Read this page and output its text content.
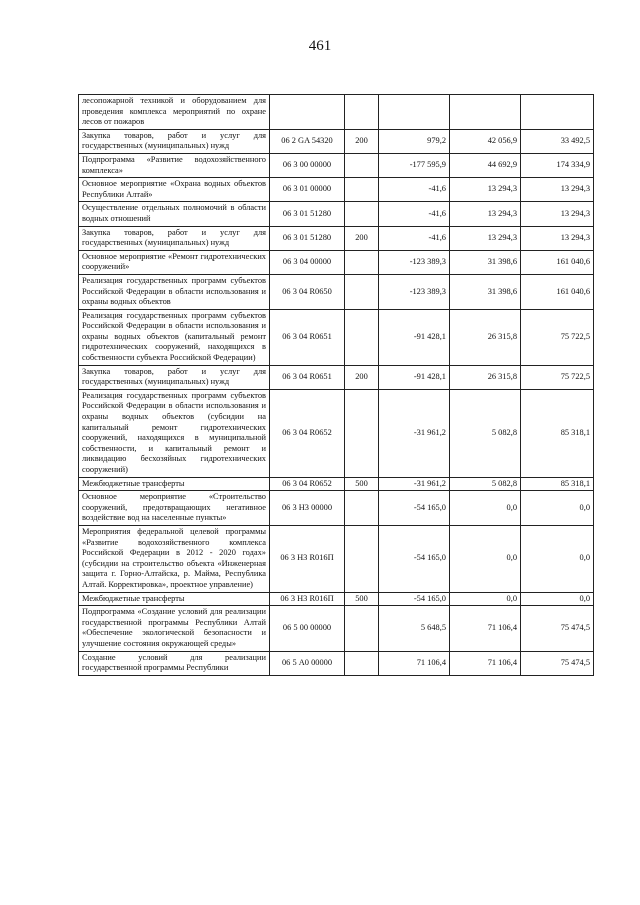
461
лесопожарной техникой и оборудованием для проведения комплекса мероприятий по охране лесов от пожаров					
Закупка товаров, работ и услуг для государственных (муниципальных) нужд	06 2 GA 54320	200	979,2	42 056,9	33 492,5
Подпрограмма «Развитие водохозяйственного комплекса»	06 3 00 00000		-177 595,9	44 692,9	174 334,9
Основное мероприятие «Охрана водных объектов Республики Алтай»	06 3 01 00000		-41,6	13 294,3	13 294,3
Осуществление отдельных полномочий в области водных отношений	06 3 01 51280		-41,6	13 294,3	13 294,3
Закупка товаров, работ и услуг для государственных (муниципальных) нужд	06 3 01 51280	200	-41,6	13 294,3	13 294,3
Основное мероприятие «Ремонт гидротехнических сооружений»	06 3 04 00000		-123 389,3	31 398,6	161 040,6
Реализация государственных программ субъектов Российской Федерации в области использования и охраны водных объектов	06 3 04 R0650		-123 389,3	31 398,6	161 040,6
Реализация государственных программ субъектов Российской Федерации в области использования и охраны водных объектов (капитальный ремонт гидротехнических сооружений, находящихся в собственности субъекта Российской Федерации)	06 3 04 R0651		-91 428,1	26 315,8	75 722,5
Закупка товаров, работ и услуг для государственных (муниципальных) нужд	06 3 04 R0651	200	-91 428,1	26 315,8	75 722,5
Реализация государственных программ субъектов Российской Федерации в области использования и охраны водных объектов (субсидии на капитальный ремонт гидротехнических сооружений, находящихся в муниципальной собственности, и капитальный ремонт и ликвидацию бесхозяйных гидротехнических сооружений)	06 3 04 R0652		-31 961,2	5 082,8	85 318,1
Межбюджетные трансферты	06 3 04 R0652	500	-31 961,2	5 082,8	85 318,1
Основное мероприятие «Строительство сооружений, предотвращающих негативное воздействие вод на населенные пункты»	06 3 Н3 00000		-54 165,0	0,0	0,0
Мероприятия федеральной целевой программы «Развитие водохозяйственного комплекса Российской Федерации в 2012 - 2020 годах» (субсидии на строительство объекта «Инженерная защита г. Горно-Алтайска, р. Майма, Республика Алтай. Корректировка», проектное управление)	06 3 Н3 R016П		-54 165,0	0,0	0,0
Межбюджетные трансферты	06 3 Н3 R016П	500	-54 165,0	0,0	0,0
Подпрограмма «Создание условий для реализации государственной программы Республики Алтай «Обеспечение экологической безопасности и улучшение состояния окружающей среды»	06 5 00 00000		5 648,5	71 106,4	75 474,5
Создание условий для реализации государственной программы Республики	06 5 А0 00000		71 106,4	71 106,4	75 474,5
